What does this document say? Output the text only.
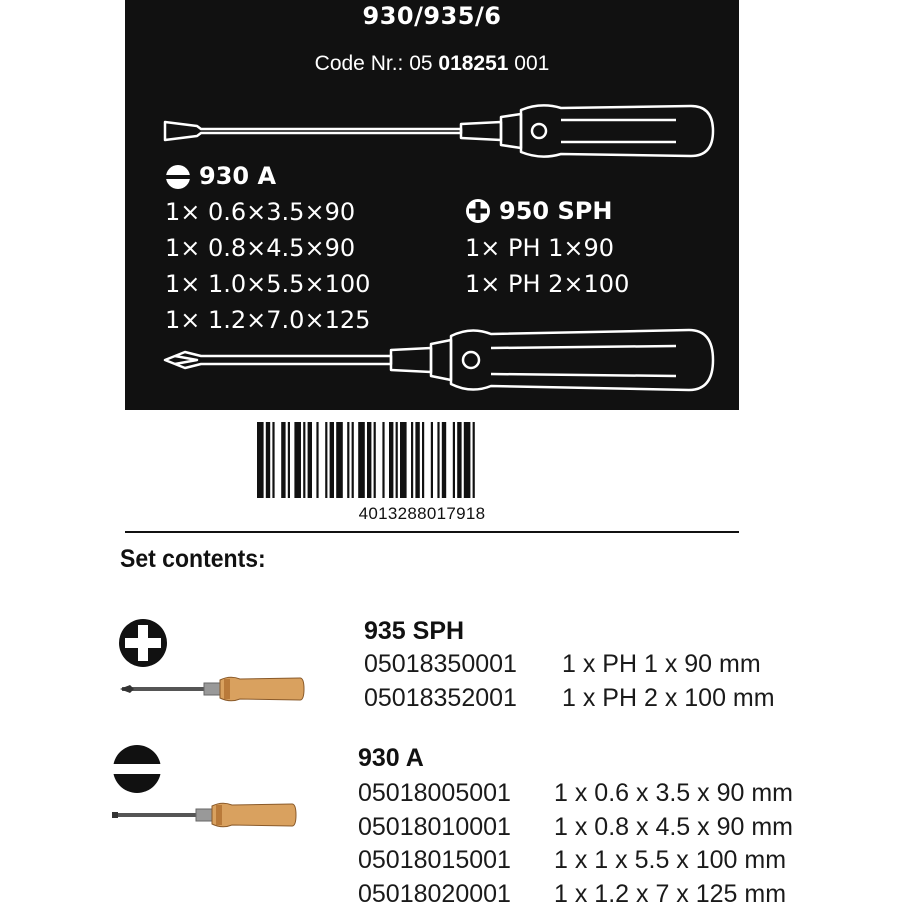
930/935/6
Code Nr.: 05 018251 001
930 A
1× 0.6×3.5×90
1× 0.8×4.5×90
1× 1.0×5.5×100
1× 1.2×7.0×125
950 SPH
1× PH 1×90
1× PH 2×100
4013288017918
Set contents:
935 SPH
05018350001 1 x PH 1 x 90 mm
05018352001 1 x PH 2 x 100 mm
930 A
05018005001 1 x 0.6 x 3.5 x 90 mm
05018010001 1 x 0.8 x 4.5 x 90 mm
05018015001 1 x 1 x 5.5 x 100 mm
05018020001 1 x 1.2 x 7 x 125 mm
